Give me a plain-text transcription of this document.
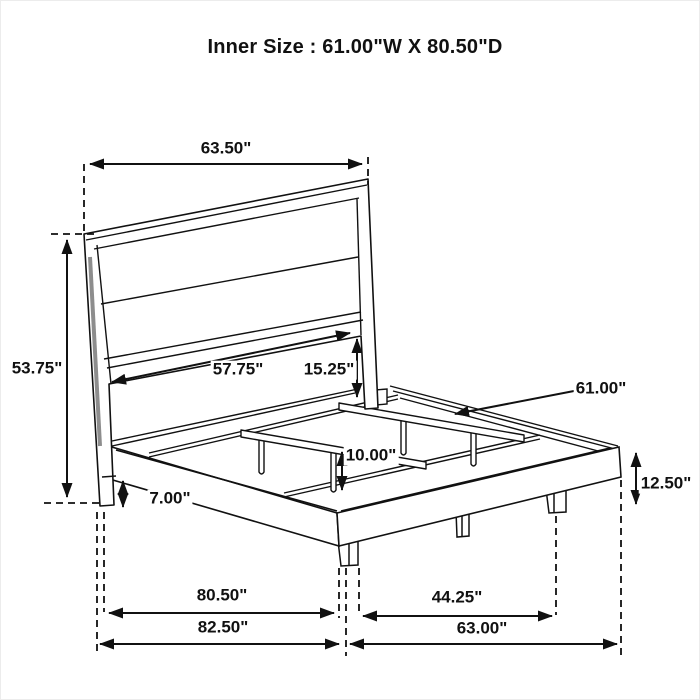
Inner Size : 61.00"W X 80.50"D
63.50"
53.75"	57.75" 15.25"
61.00"
10.00"
7.00"
12.50"
80.50"	44.25"
82.50"	63.00"
